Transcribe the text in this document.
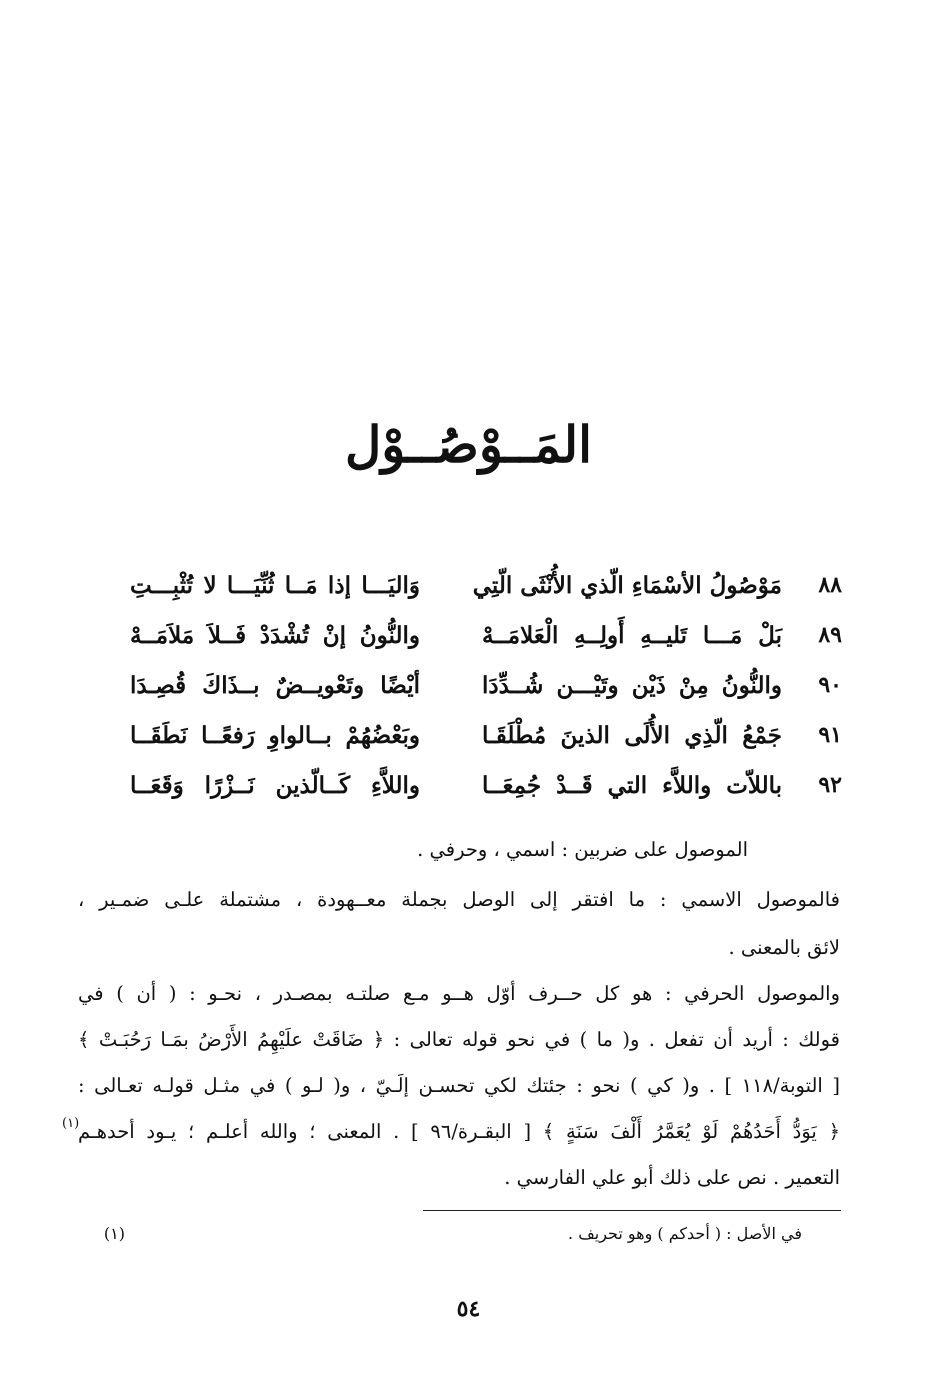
المَــوْصُــوْل
٨٨
مَوْصُولُ الأسْمَاءِ الّذي الأُنْثَى الّتِي
وَاليَـــا إذا مَــا ثُنِّيَـــا لا تُثْبِـــتِ
٨٩
بَلْ مَـــا تَليــهِ أَولِــهِ الْعَلامَــهْ
والنُّونُ إنْ تُشْدَدْ فَــلاَ مَلاَمَــهْ
٩٠
والنُّونُ مِنْ ذَيْن وتَيْـــن شُــدِّدَا
أيْضًا وتَعْويــضٌ بــذَاكَ قُصِـدَا
٩١
جَمْعُ الّذِي الأُلَى الذينَ مُطْلَقَـا
وبَعْضُهُمْ بــالواوِ رَفعًــا نَطَقَــا
٩٢
باللاّت واللاَّء التي قَــدْ جُمِعَــا
واللاَّءِ كَــالّذين نَــزْرًا وَقَعَــا
الموصول على ضربين : اسمي ، وحرفي .
فالموصول الاسمي : ما افتقر إلى الوصل بجملة معــهودة ، مشتملة علـى ضمـير ،
لائق بالمعنى .
والموصول الحرفي : هو كل حــرف أوّل هــو مـع صلتـه بمصـدر ، نحـو : ( أن ) في
قولك : أريد أن تفعل . و( ما ) في نحو قوله تعالى : ﴿ ضَاقَتْ علَيْهِمُ الأَرْضُ بمَـا رَحُبَـتْ ﴾
[ التوبة/١١٨ ] . و( كي ) نحو : جئتك لكي تحسـن إلَـيّ ، و( لـو ) في مثـل قولـه تعـالى :
﴿ يَوَدُّ أَحَدُهُمْ لَوْ يُعَمَّرُ أَلْفَ سَنَةٍ ﴾ [ البقـرة/٩٦ ] . المعنى ؛ والله أعلـم ؛ يـود أحدهـم
التعمير . نص على ذلك أبو علي الفارسي .
(١)
(١)	في الأصل : ( أحدكم ) وهو تحريف .
٥٤
